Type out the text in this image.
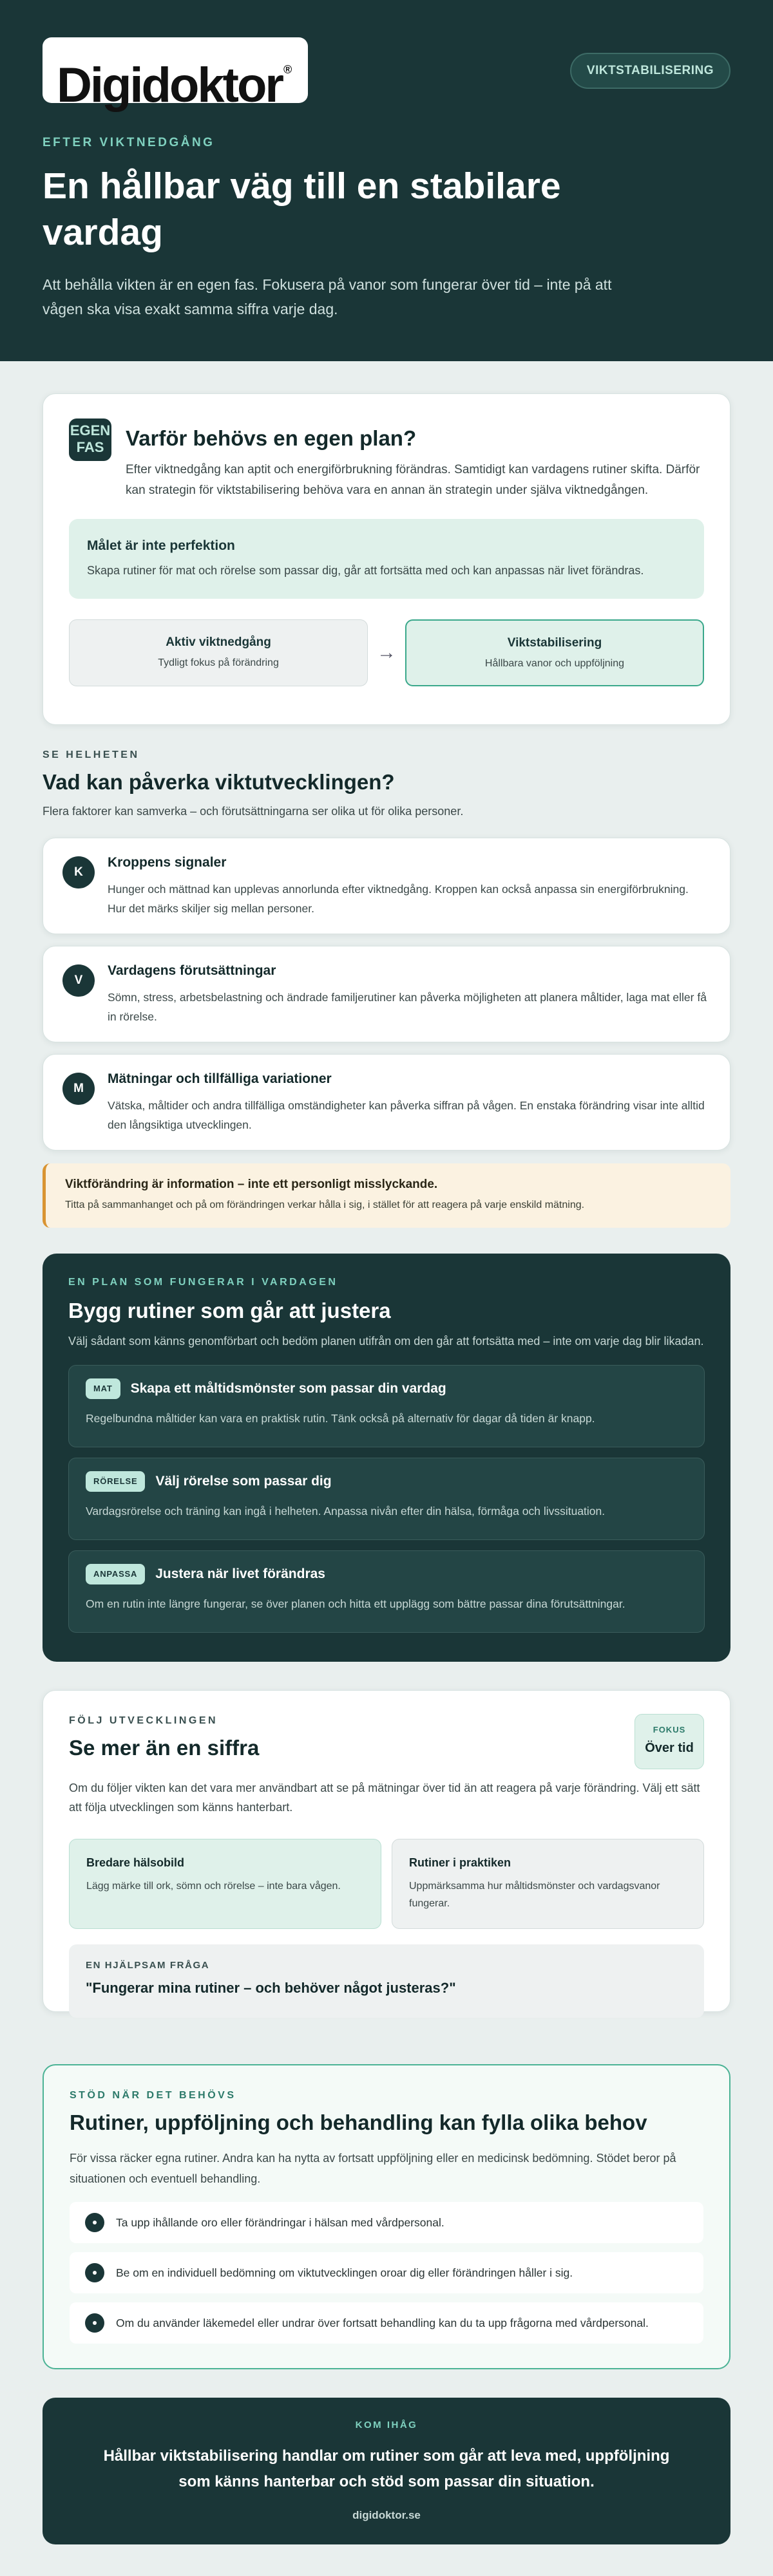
Digidoktor ®	VIKTSTABILISERING
EFTER VIKTNEDGÅNG
En hållbar väg till en stabilare vardag

Att behålla vikten är en egen fas. Fokusera på vanor som fungerar över tid – inte på att vågen ska visa exakt samma siffra varje dag.

EGEN FAS	Varför behövs en egen plan?

Efter viktnedgång kan aptit och energiförbrukning förändras. Samtidigt kan vardagens rutiner skifta. Därför kan strategin för viktstabilisering behöva vara en annan än strategin under själva viktnedgången.

Målet är inte perfektion
Skapa rutiner för mat och rörelse som passar dig, går att fortsätta med och kan anpassas när livet förändras.
Aktiv viktnedgång
Tydligt fokus på förändring	→	Viktstabilisering
Hållbara vanor och uppföljning
SE HELHETEN
Vad kan påverka viktutvecklingen?

Flera faktorer kan samverka – och förutsättningarna ser olika ut för olika personer.

K
Kroppens signaler
Hunger och mättnad kan upplevas annorlunda efter viktnedgång. Kroppen kan också anpassa sin energiförbrukning. Hur det märks skiljer sig mellan personer.
V
Vardagens förutsättningar
Sömn, stress, arbetsbelastning och ändrade familjerutiner kan påverka möjligheten att planera måltider, laga mat eller få in rörelse.
M
Mätningar och tillfälliga variationer
Vätska, måltider och andra tillfälliga omständigheter kan påverka siffran på vågen. En enstaka förändring visar inte alltid den långsiktiga utvecklingen.
Viktförändring är information – inte ett personligt misslyckande.
Titta på sammanhanget och på om förändringen verkar hålla i sig, i stället för att reagera på varje enskild mätning.
EN PLAN SOM FUNGERAR I VARDAGEN
Bygg rutiner som går att justera

Välj sådant som känns genomförbart och bedöm planen utifrån om den går att fortsätta med – inte om varje dag blir likadan.

MAT	Skapa ett måltidsmönster som passar din vardag
Regelbundna måltider kan vara en praktisk rutin. Tänk också på alternativ för dagar då tiden är knapp.
RÖRELSE	Välj rörelse som passar dig
Vardagsrörelse och träning kan ingå i helheten. Anpassa nivån efter din hälsa, förmåga och livssituation.
ANPASSA	Justera när livet förändras
Om en rutin inte längre fungerar, se över planen och hitta ett upplägg som bättre passar dina förutsättningar.
FÖLJ UTVECKLINGEN
Se mer än en siffra
FOKUS
Över tid

Om du följer vikten kan det vara mer användbart att se på mätningar över tid än att reagera på varje förändring. Välj ett sätt att följa utvecklingen som känns hanterbart.

Bredare hälsobild
Lägg märke till ork, sömn och rörelse – inte bara vågen.
Rutiner i praktiken
Uppmärksamma hur måltidsmönster och vardagsvanor fungerar.
EN HJÄLPSAM FRÅGA
"Fungerar mina rutiner – och behöver något justeras?"
STÖD NÄR DET BEHÖVS
Rutiner, uppföljning och behandling kan fylla olika behov

För vissa räcker egna rutiner. Andra kan ha nytta av fortsatt uppföljning eller en medicinsk bedömning. Stödet beror på situationen och eventuell behandling.

Ta upp ihållande oro eller förändringar i hälsan med vårdpersonal.
Be om en individuell bedömning om viktutvecklingen oroar dig eller förändringen håller i sig.
Om du använder läkemedel eller undrar över fortsatt behandling kan du ta upp frågorna med vårdpersonal.
KOM IHÅG
Hållbar viktstabilisering handlar om rutiner som går att leva med, uppföljning som känns hanterbar och stöd som passar din situation.
digidoktor.se
